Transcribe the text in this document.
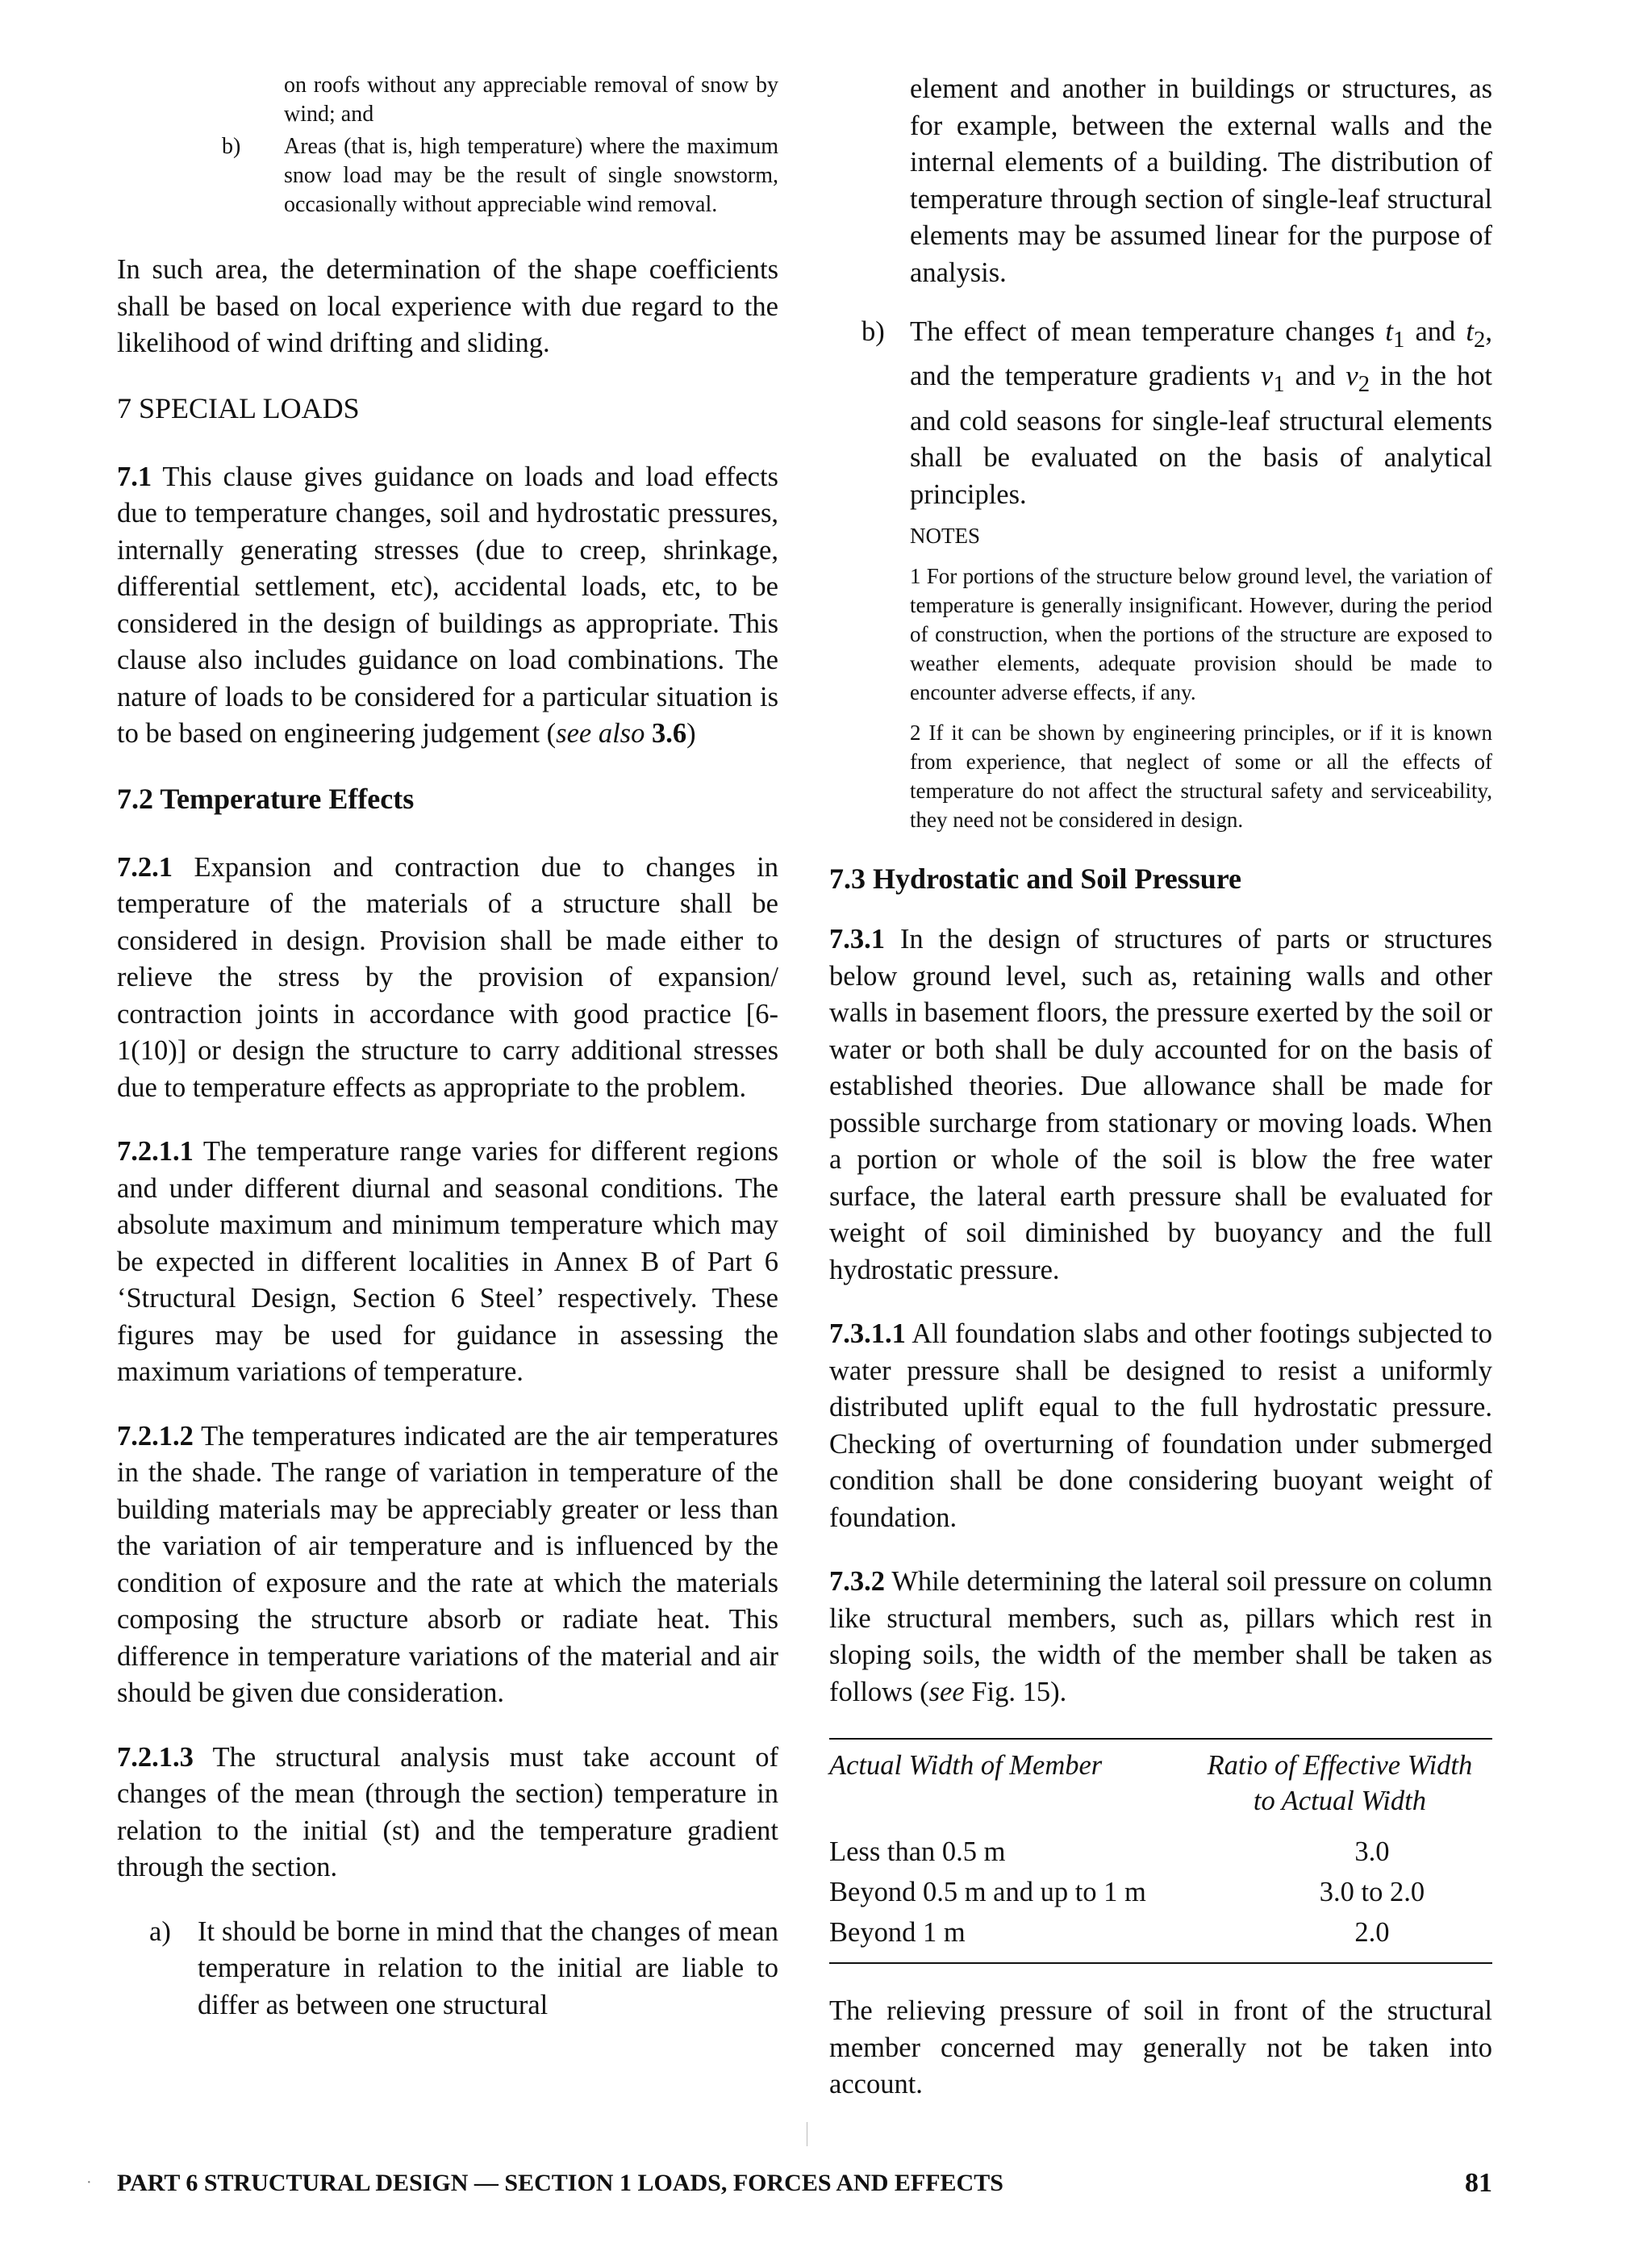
on roofs without any appreciable removal of snow by wind; and

b)	Areas (that is, high temperature) where the maximum snow load may be the result of single snowstorm, occasionally without appreciable wind removal.

In such area, the determination of the shape coefficients shall be based on local experience with due regard to the likelihood of wind drifting and sliding.

7 SPECIAL LOADS

7.1 This clause gives guidance on loads and load effects due to temperature changes, soil and hydrostatic pressures, internally generating stresses (due to creep, shrinkage, differential settlement, etc), accidental loads, etc, to be considered in the design of buildings as appropriate. This clause also includes guidance on load combinations. The nature of loads to be considered for a particular situation is to be based on engineering judgement (see also 3.6)

7.2 Temperature Effects

7.2.1 Expansion and contraction due to changes in temperature of the materials of a structure shall be considered in design. Provision shall be made either to relieve the stress by the provision of expansion/ contraction joints in accordance with good practice [6-1(10)] or design the structure to carry additional stresses due to temperature effects as appropriate to the problem.

7.2.1.1 The temperature range varies for different regions and under different diurnal and seasonal conditions. The absolute maximum and minimum temperature which may be expected in different localities in Annex B of Part 6 ‘Structural Design, Section 6 Steel’ respectively. These figures may be used for guidance in assessing the maximum variations of temperature.

7.2.1.2 The temperatures indicated are the air temperatures in the shade. The range of variation in temperature of the building materials may be appreciably greater or less than the variation of air temperature and is influenced by the condition of exposure and the rate at which the materials composing the structure absorb or radiate heat. This difference in temperature variations of the material and air should be given due consideration.

7.2.1.3 The structural analysis must take account of changes of the mean (through the section) temperature in relation to the initial (st) and the temperature gradient through the section.

a) It should be borne in mind that the changes of mean temperature in relation to the initial are liable to differ as between one structural

element and another in buildings or structures, as for example, between the external walls and the internal elements of a building. The distribution of temperature through section of single-leaf structural elements may be assumed linear for the purpose of analysis.

b) The effect of mean temperature changes $t_1$ and $t_2$, and the temperature gradients $v_1$ and $v_2$ in the hot and cold seasons for single-leaf structural elements shall be evaluated on the basis of analytical principles.
NOTES

1 For portions of the structure below ground level, the variation of temperature is generally insignificant. However, during the period of construction, when the portions of the structure are exposed to weather elements, adequate provision should be made to encounter adverse effects, if any.

2 If it can be shown by engineering principles, or if it is known from experience, that neglect of some or all the effects of temperature do not affect the structural safety and serviceability, they need not be considered in design.

7.3 Hydrostatic and Soil Pressure

7.3.1 In the design of structures of parts or structures below ground level, such as, retaining walls and other walls in basement floors, the pressure exerted by the soil or water or both shall be duly accounted for on the basis of established theories. Due allowance shall be made for possible surcharge from stationary or moving loads. When a portion or whole of the soil is blow the free water surface, the lateral earth pressure shall be evaluated for weight of soil diminished by buoyancy and the full hydrostatic pressure.

7.3.1.1 All foundation slabs and other footings subjected to water pressure shall be designed to resist a uniformly distributed uplift equal to the full hydrostatic pressure. Checking of overturning of foundation under submerged condition shall be done considering buoyant weight of foundation.

7.3.2 While determining the lateral soil pressure on column like structural members, such as, pillars which rest in sloping soils, the width of the member shall be taken as follows (see Fig. 15).

Actual Width of Member	Ratio of Effective Width
to Actual Width
Less than 0.5 m	3.0
Beyond 0.5 m and up to 1 m	3.0 to 2.0
Beyond 1 m	2.0

The relieving pressure of soil in front of the structural member concerned may generally not be taken into account.

· PART 6 STRUCTURAL DESIGN — SECTION 1 LOADS, FORCES AND EFFECTS	81
